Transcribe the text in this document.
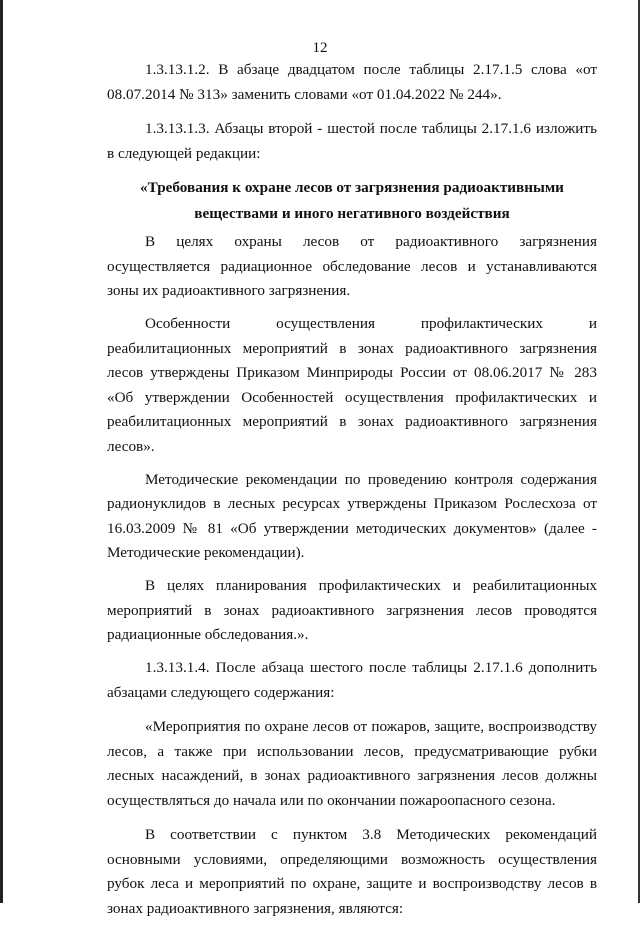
12

1.3.13.1.2. В абзаце двадцатом после таблицы 2.17.1.5 слова «от 08.07.2014 № 313» заменить словами «от 01.04.2022 № 244».

1.3.13.1.3. Абзацы второй - шестой после таблицы 2.17.1.6 изложить в следующей редакции:

«Требования к охране лесов от загрязнения радиоактивными
веществами и иного негативного воздействия

В целях охраны лесов от радиоактивного загрязнения осуществляется радиационное обследование лесов и устанавливаются зоны их радиоактивного загрязнения.

Особенности осуществления профилактических и реабилитационных мероприятий в зонах радиоактивного загрязнения лесов утверждены Приказом Минприроды России от 08.06.2017 № 283 «Об утверждении Особенностей осуществления профилактических и реабилитационных мероприятий в зонах радиоактивного загрязнения лесов».

Методические рекомендации по проведению контроля содержания радионуклидов в лесных ресурсах утверждены Приказом Рослесхоза от 16.03.2009 № 81 «Об утверждении методических документов» (далее - Методические рекомендации).

В целях планирования профилактических и реабилитационных мероприятий в зонах радиоактивного загрязнения лесов проводятся радиационные обследования.».

1.3.13.1.4. После абзаца шестого после таблицы 2.17.1.6 дополнить абзацами следующего содержания:

«Мероприятия по охране лесов от пожаров, защите, воспроизводству лесов, а также при использовании лесов, предусматривающие рубки лесных насаждений, в зонах радиоактивного загрязнения лесов должны осуществляться до начала или по окончании пожароопасного сезона.

В соответствии с пунктом 3.8 Методических рекомендаций основными условиями, определяющими возможность осуществления рубок леса и мероприятий по охране, защите и воспроизводству лесов в зонах радиоактивного загрязнения, являются:
